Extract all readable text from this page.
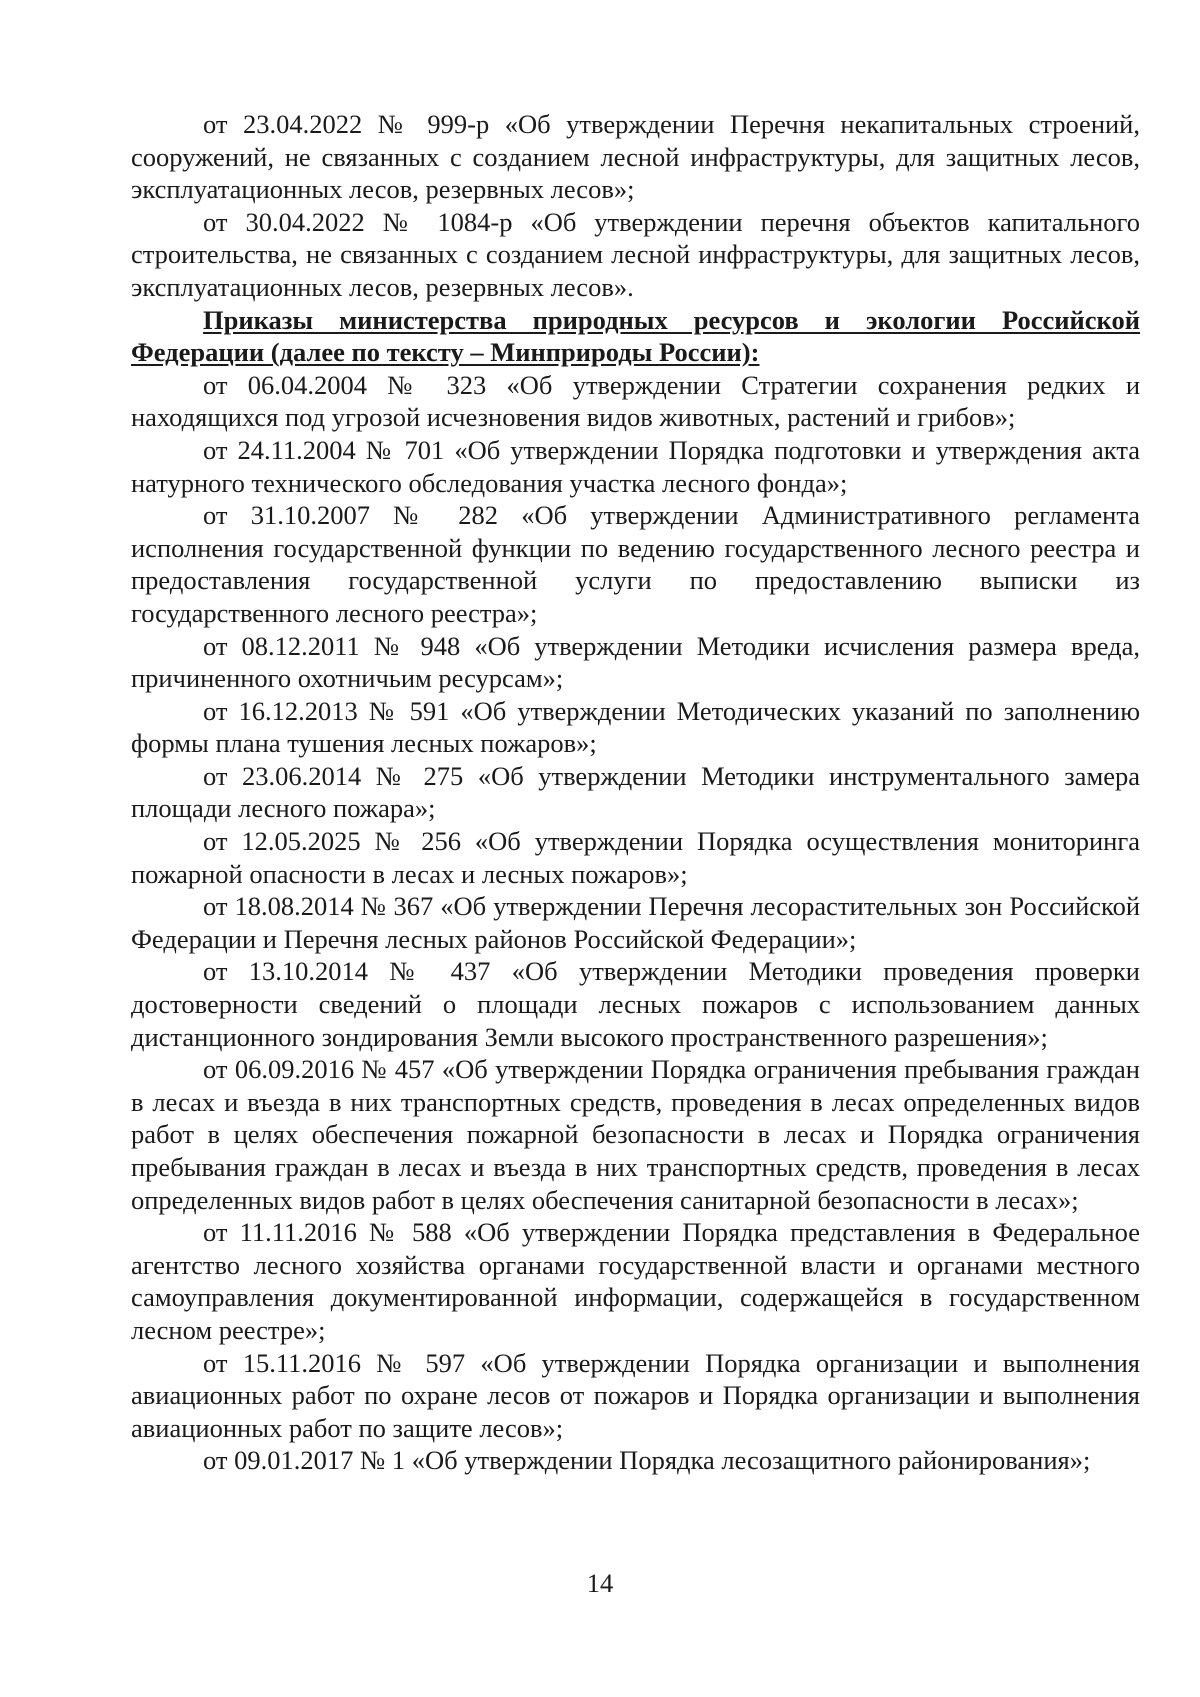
от 23.04.2022 № 999-р «Об утверждении Перечня некапитальных строений, сооружений, не связанных с созданием лесной инфраструктуры, для защитных лесов, эксплуатационных лесов, резервных лесов»;

от 30.04.2022 № 1084-р «Об утверждении перечня объектов капитального строительства, не связанных с созданием лесной инфраструктуры, для защитных лесов, эксплуатационных лесов, резервных лесов».

Приказы министерства природных ресурсов и экологии Российской Федерации (далее по тексту – Минприроды России):

от 06.04.2004 № 323 «Об утверждении Стратегии сохранения редких и находящихся под угрозой исчезновения видов животных, растений и грибов»;

от 24.11.2004 № 701 «Об утверждении Порядка подготовки и утверждения акта натурного технического обследования участка лесного фонда»;

от 31.10.2007 № 282 «Об утверждении Административного регламента исполнения государственной функции по ведению государственного лесного реестра и предоставления государственной услуги по предоставлению выписки из государственного лесного реестра»;

от 08.12.2011 № 948 «Об утверждении Методики исчисления размера вреда, причиненного охотничьим ресурсам»;

от 16.12.2013 № 591 «Об утверждении Методических указаний по заполнению формы плана тушения лесных пожаров»;

от 23.06.2014 № 275 «Об утверждении Методики инструментального замера площади лесного пожара»;

от 12.05.2025 № 256 «Об утверждении Порядка осуществления мониторинга пожарной опасности в лесах и лесных пожаров»;

от 18.08.2014 № 367 «Об утверждении Перечня лесорастительных зон Российской Федерации и Перечня лесных районов Российской Федерации»;

от 13.10.2014 № 437 «Об утверждении Методики проведения проверки достоверности сведений о площади лесных пожаров с использованием данных дистанционного зондирования Земли высокого пространственного разрешения»;

от 06.09.2016 № 457 «Об утверждении Порядка ограничения пребывания граждан в лесах и въезда в них транспортных средств, проведения в лесах определенных видов работ в целях обеспечения пожарной безопасности в лесах и Порядка ограничения пребывания граждан в лесах и въезда в них транспортных средств, проведения в лесах определенных видов работ в целях обеспечения санитарной безопасности в лесах»;

от 11.11.2016 № 588 «Об утверждении Порядка представления в Федеральное агентство лесного хозяйства органами государственной власти и органами местного самоуправления документированной информации, содержащейся в государственном лесном реестре»;

от 15.11.2016 № 597 «Об утверждении Порядка организации и выполнения авиационных работ по охране лесов от пожаров и Порядка организации и выполнения авиационных работ по защите лесов»;

от 09.01.2017 № 1 «Об утверждении Порядка лесозащитного районирования»;

14
